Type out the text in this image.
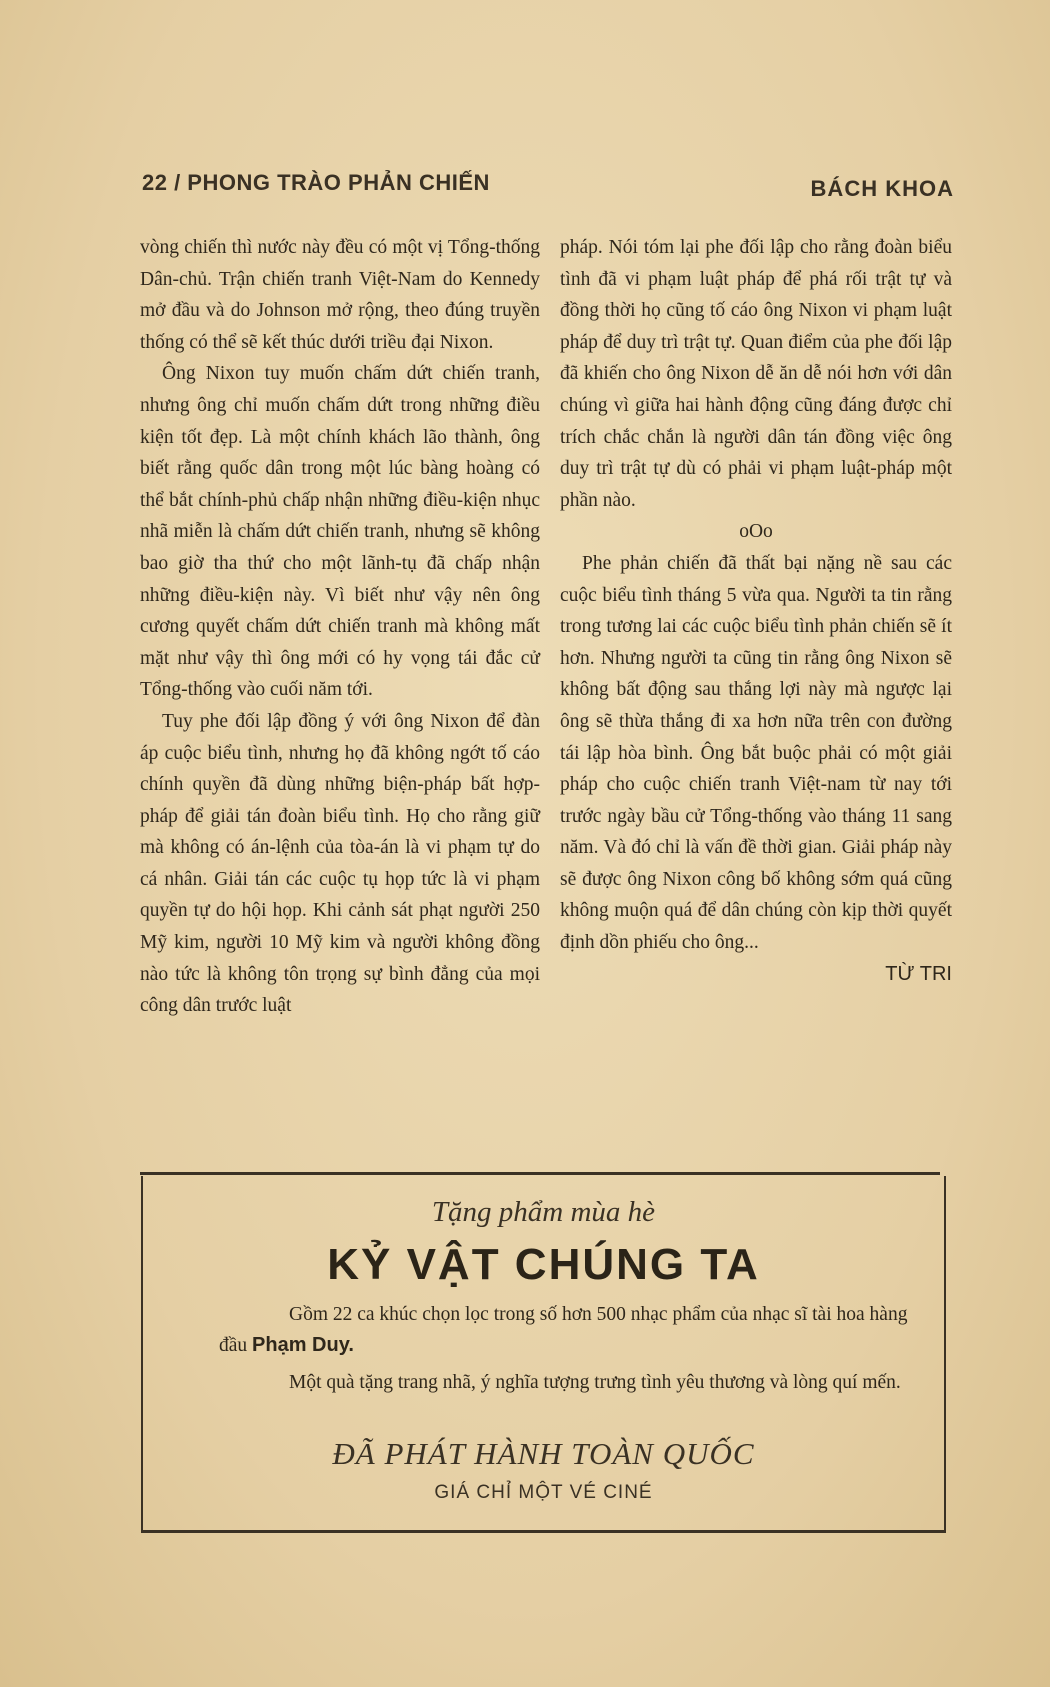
22 / PHONG TRÀO PHẢN CHIẾN	BÁCH KHOA

vòng chiến thì nước này đều có một vị Tổng-thống Dân-chủ. Trận chiến tranh Việt-Nam do Kennedy mở đầu và do Johnson mở rộng, theo đúng truyền thống có thể sẽ kết thúc dưới triều đại Nixon.

Ông Nixon tuy muốn chấm dứt chiến tranh, nhưng ông chỉ muốn chấm dứt trong những điều kiện tốt đẹp. Là một chính khách lão thành, ông biết rằng quốc dân trong một lúc bàng hoàng có thể bắt chính-phủ chấp nhận những điều-kiện nhục nhã miễn là chấm dứt chiến tranh, nhưng sẽ không bao giờ tha thứ cho một lãnh-tụ đã chấp nhận những điều-kiện này. Vì biết như vậy nên ông cương quyết chấm dứt chiến tranh mà không mất mặt như vậy thì ông mới có hy vọng tái đắc cử Tổng-thống vào cuối năm tới.

Tuy phe đối lập đồng ý với ông Nixon để đàn áp cuộc biểu tình, nhưng họ đã không ngớt tố cáo chính quyền đã dùng những biện-pháp bất hợp-pháp để giải tán đoàn biểu tình. Họ cho rằng giữ mà không có án-lệnh của tòa-án là vi phạm tự do cá nhân. Giải tán các cuộc tụ họp tức là vi phạm quyền tự do hội họp. Khi cảnh sát phạt người 250 Mỹ kim, người 10 Mỹ kim và người không đồng nào tức là không tôn trọng sự bình đẳng của mọi công dân trước luật

pháp. Nói tóm lại phe đối lập cho rằng đoàn biểu tình đã vi phạm luật pháp để phá rối trật tự và đồng thời họ cũng tố cáo ông Nixon vi phạm luật pháp để duy trì trật tự. Quan điểm của phe đối lập đã khiến cho ông Nixon dễ ăn dễ nói hơn với dân chúng vì giữa hai hành động cũng đáng được chỉ trích chắc chắn là người dân tán đồng việc ông duy trì trật tự dù có phải vi phạm luật-pháp một phần nào.

oOo

Phe phản chiến đã thất bại nặng nề sau các cuộc biểu tình tháng 5 vừa qua. Người ta tin rằng trong tương lai các cuộc biểu tình phản chiến sẽ ít hơn. Nhưng người ta cũng tin rằng ông Nixon sẽ không bất động sau thắng lợi này mà ngược lại ông sẽ thừa thắng đi xa hơn nữa trên con đường tái lập hòa bình. Ông bắt buộc phải có một giải pháp cho cuộc chiến tranh Việt-nam từ nay tới trước ngày bầu cử Tổng-thống vào tháng 11 sang năm. Và đó chỉ là vấn đề thời gian. Giải pháp này sẽ được ông Nixon công bố không sớm quá cũng không muộn quá để dân chúng còn kịp thời quyết định dồn phiếu cho ông...

TỪ TRI

Tặng phẩm mùa hè
KỶ VẬT CHÚNG TA
Gồm 22 ca khúc chọn lọc trong số hơn 500 nhạc phẩm của nhạc sĩ tài hoa hàng đầu Phạm Duy.
Một quà tặng trang nhã, ý nghĩa tượng trưng tình yêu thương và lòng quí mến.
ĐÃ PHÁT HÀNH TOÀN QUỐC
GIÁ CHỈ MỘT VÉ CINÉ
